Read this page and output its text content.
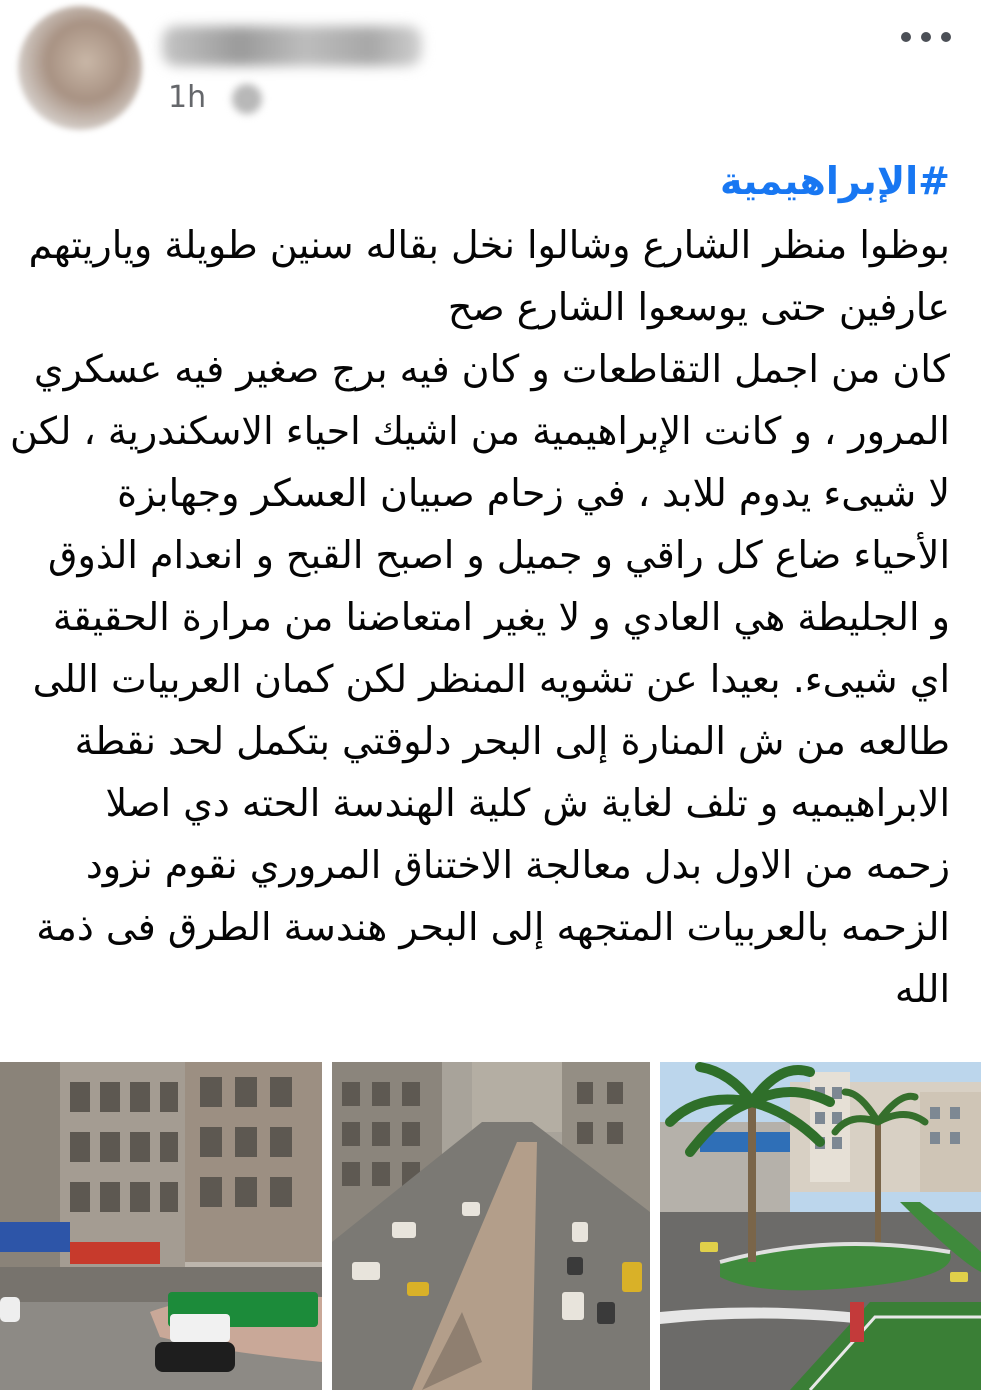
1h
#الإبراهيمية

بوظوا منظر الشارع وشالوا نخل بقاله سنين طويلة وياريتهم
عارفين حتى يوسعوا الشارع صح
كان من اجمل التقاطعات و كان فيه برج صغير فيه عسكري
المرور ، و كانت الإبراهيمية من اشيك احياء الاسكندرية ، لكن
لا شيىء يدوم للابد ، في زحام صبيان العسكر وجهابزة
الأحياء ضاع كل راقي و جميل و اصبح القبح و انعدام الذوق
و الجليطة هي العادي و لا يغير امتعاضنا من مرارة الحقيقة
اي شيىء. بعيدا عن تشويه المنظر لكن كمان العربيات اللى
طالعه من ش المنارة إلى البحر دلوقتي بتكمل لحد نقطة
الابراهيميه و تلف لغاية ش كلية الهندسة الحته دي اصلا
زحمه من الاول بدل معالجة الاختناق المروري نقوم نزود
الزحمه بالعربيات المتجهه إلى البحر هندسة الطرق فى ذمة
الله
